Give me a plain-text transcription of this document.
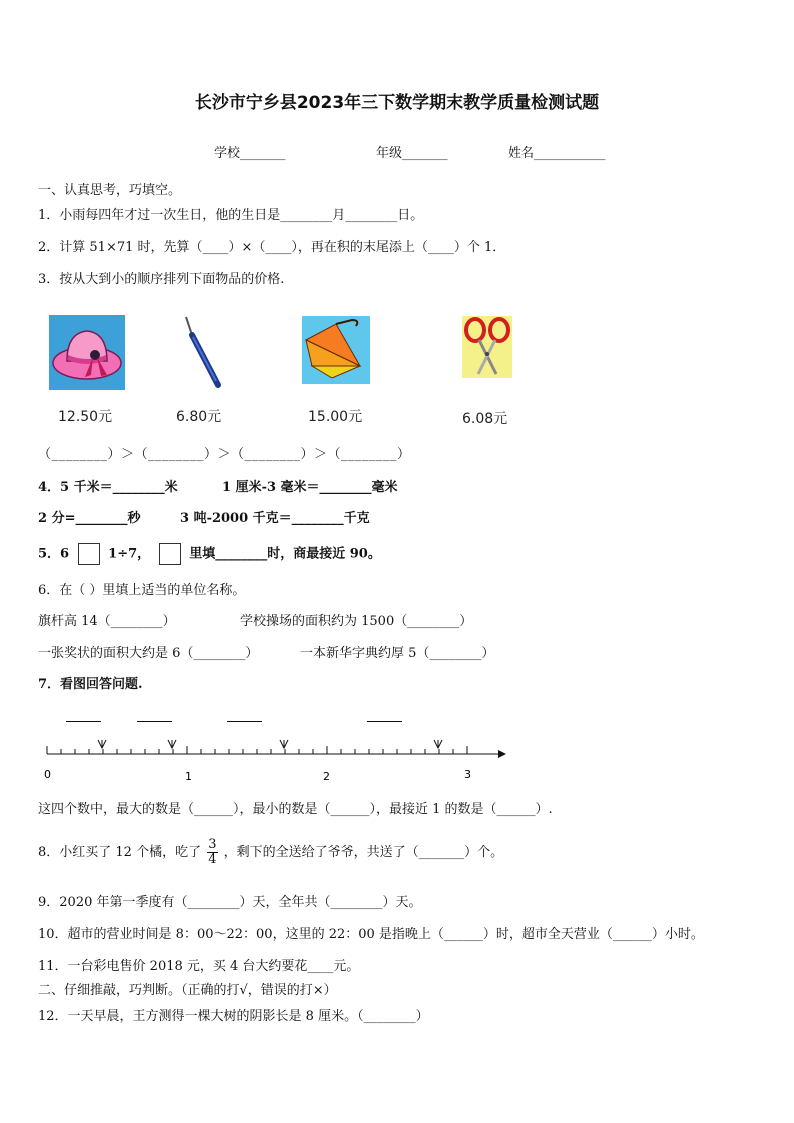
长沙市宁乡县2023年三下数学期末教学质量检测试题
学校_______	年级_______	姓名___________
一、认真思考，巧填空。
1．小雨每四年才过一次生日，他的生日是________月________日。
2．计算 51×71 时，先算（____）×（____），再在积的末尾添上（____）个 1．
3．按从大到小的顺序排列下面物品的价格.
12.50元	6.80元	15.00元	6.08元
（________）＞（________）＞（________）＞（________）
4．5 千米＝________米	1 厘米-3 毫米＝________毫米
2 分=________秒	3 吨-2000 千克＝________千克
5．6	1÷7，	里填________时，商最接近 90。
6．在（ ）里填上适当的单位名称。
旗杆高 14（________）	学校操场的面积约为 1500（________）
一张奖状的面积大约是 6（________）	一本新华字典约厚 5（________）
7．看图回答问题.
0	1	2	3
这四个数中，最大的数是（______），最小的数是（______），最接近 1 的数是（______）.
8．小红买了 12 个橘，吃了 $\frac{3}{4}$ ，剩下的全送给了爷爷，共送了（_______）个。
9．2020 年第一季度有（________）天，全年共（________）天。
10．超市的营业时间是 8：00～22：00，这里的 22：00 是指晚上（______）时，超市全天营业（______）小时。
11．一台彩电售价 2018 元，买 4 台大约要花____元。
二、仔细推敲，巧判断。（正确的打√，错误的打×）
12．一天早晨，王方测得一棵大树的阴影长是 8 厘米。（________）
